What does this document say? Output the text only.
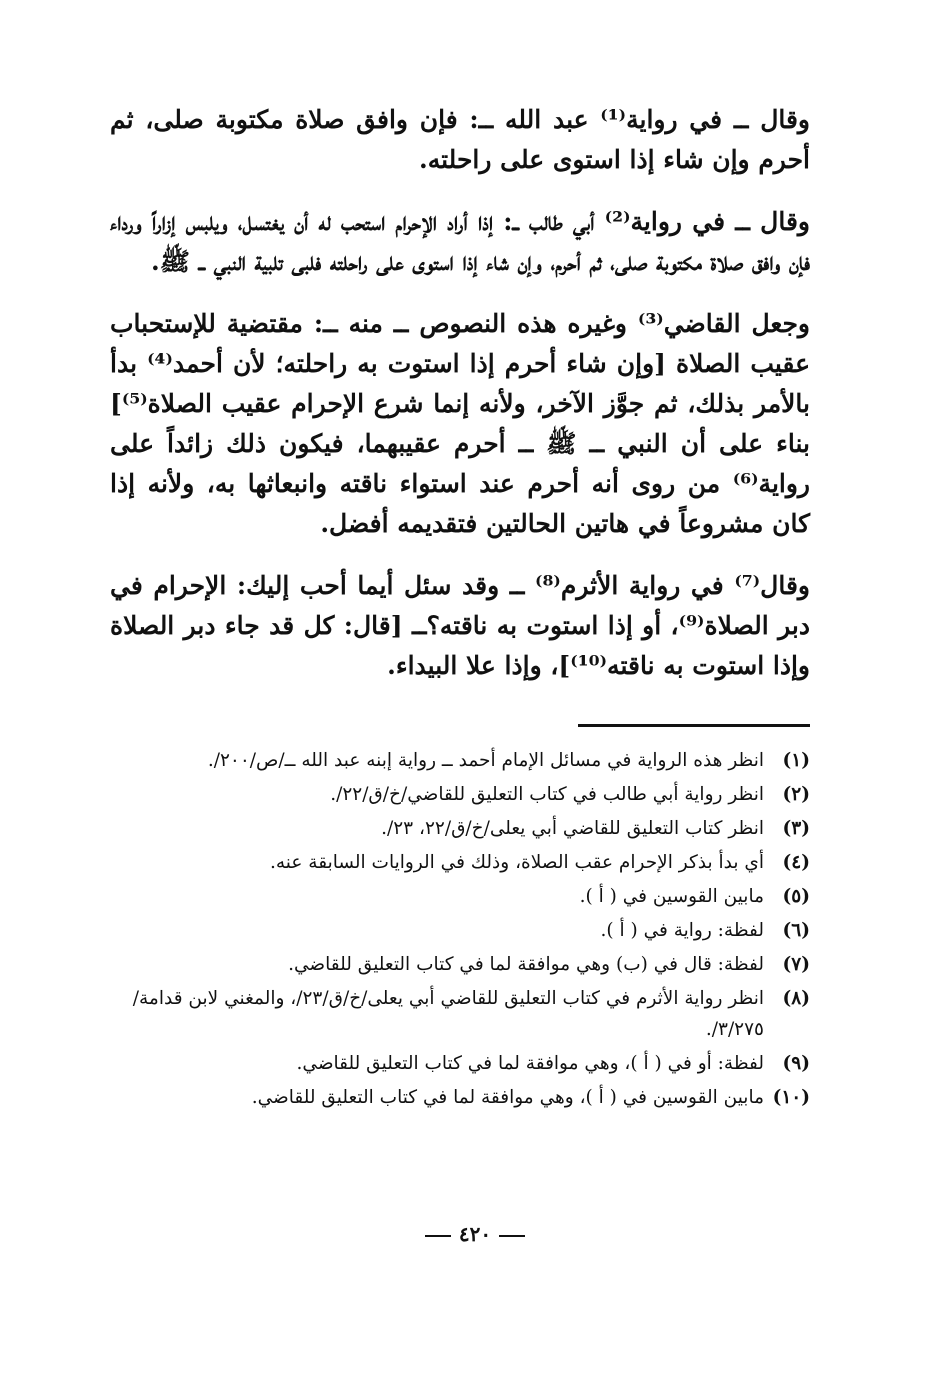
وقال ــ في رواية⁽¹⁾ عبد الله ــ: فإن وافق صلاة مكتوبة صلى، ثم أحرم وإن شاء إذا استوى على راحلته.

وقال ــ في رواية⁽²⁾ أبي طالب ــ: إذا أراد الإحرام استحب له أن يغتسل، ويلبس إزاراً ورداء فإن وافق صلاة مكتوبة صلى، ثم أحرم، وإن شاء إذا استوى على راحلته فلبى تلبية النبي ــ ﷺ.

وجعل القاضي⁽³⁾ وغيره هذه النصوص ــ منه ــ: مقتضية للإستحباب عقيب الصلاة [وإن شاء أحرم إذا استوت به راحلته؛ لأن أحمد⁽⁴⁾ بدأ بالأمر بذلك، ثم جوَّز الآخر، ولأنه إنما شرع الإحرام عقيب الصلاة⁽⁵⁾] بناء على أن النبي ــ ﷺ ــ أحرم عقيبهما، فيكون ذلك زائداً على رواية⁽⁶⁾ من روى أنه أحرم عند استواء ناقته وانبعاثها به، ولأنه إذا كان مشروعاً في هاتين الحالتين فتقديمه أفضل.

وقال⁽⁷⁾ في رواية الأثرم⁽⁸⁾ ــ وقد سئل أيما أحب إليك: الإحرام في دبر الصلاة⁽⁹⁾، أو إذا استوت به ناقته؟ــ [قال: كل قد جاء دبر الصلاة وإذا استوت به ناقته⁽¹⁰⁾]، وإذا علا البيداء.

(١)
انظر هذه الرواية في مسائل الإمام أحمد ــ رواية إبنه عبد الله ــ/ص/٢٠٠/.
(٢)
انظر رواية أبي طالب في كتاب التعليق للقاضي/خ/ق/٢٢/.
(٣)
انظر كتاب التعليق للقاضي أبي يعلى/خ/ق/٢٢، ٢٣/.
(٤)
أي بدأ بذكر الإحرام عقب الصلاة، وذلك في الروايات السابقة عنه.
(٥)
مابين القوسين في ( أ ).
(٦)
لفظة: رواية في ( أ ).
(٧)
لفظة: قال في (ب) وهي موافقة لما في كتاب التعليق للقاضي.
(٨)
انظر رواية الأثرم في كتاب التعليق للقاضي أبي يعلى/خ/ق/٢٣/، والمغني لابن قدامة/٣/٢٧٥/.
(٩)
لفظة: أو في ( أ )، وهي موافقة لما في كتاب التعليق للقاضي.
(١٠)
مابين القوسين في ( أ )، وهي موافقة لما في كتاب التعليق للقاضي.
٤٢٠
